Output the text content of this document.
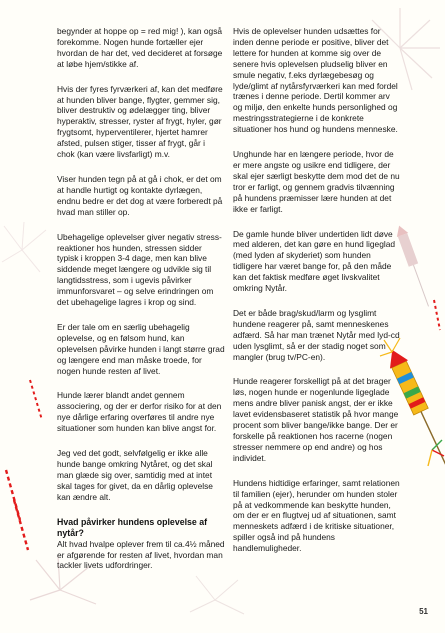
begynder at hoppe op = red mig! ), kan også forekomme. Nogen hunde fortæller ejer hvordan de har det, ved decideret at forsøge at løbe hjem/stikke af.

Hvis der fyres fyrværkeri af, kan det medføre at hunden bliver bange, flygter, gemmer sig, bliver destruktiv og ødelægger ting, bliver hyperaktiv, stresser, ryster af frygt, hyler, gør frygtsomt, hyperventilerer, hjertet hamrer afsted, pulsen stiger, tisser af frygt, går i chok (kan være livsfarligt) m.v.

Viser hunden tegn på at gå i chok, er det om at handle hurtigt og kontakte dyrlægen, endnu bedre er det dog at være forberedt på hvad man stiller op.

Ubehagelige oplevelser giver negativ stress-reaktioner hos hunden, stressen sidder typisk i kroppen 3-4 dage, men kan blive siddende meget længere og udvikle sig til langtidsstress, som i ugevis påvirker immunforsvaret – og selve erindringen om det ubehagelige lagres i krop og sind.

Er der tale om en særlig ubehagelig oplevelse, og en følsom hund, kan oplevelsen påvirke hunden i langt større grad og længere end man måske troede, for nogen hunde resten af livet.

Hunde lærer blandt andet gennem associering, og der er derfor risiko for at den nye dårlige erfaring overføres til andre nye situationer som hunden kan blive angst for.

Jeg ved det godt, selvfølgelig er ikke alle hunde bange omkring Nytåret, og det skal man glæde sig over, samtidig med at intet skal tages for givet, da en dårlig oplevelse kan ændre alt.

Hvad påvirker hundens oplevelse af nytår?

Alt hvad hvalpe oplever frem til ca.4½ måned er afgørende for resten af livet, hvordan man tackler livets udfordringer.

Hvis de oplevelser hunden udsættes for inden denne periode er positive, bliver det lettere for hunden at komme sig over de senere hvis oplevelsen pludselig bliver en smule negativ, f.eks dyrlægebesøg og lyde/glimt af nytårsfyrværkeri kan med fordel trænes i denne periode. Dertil kommer arv og miljø, den enkelte hunds personlighed og mestringsstrategierne i de konkrete situationer hos hund og hundens menneske.

Unghunde har en længere periode, hvor de er mere angste og usikre end tidligere, der skal ejer særligt beskytte dem mod det de nu tror er farligt, og gennem gradvis tilvænning på hundens præmisser lære hunden at det ikke er farligt.

De gamle hunde bliver undertiden lidt døve med alderen, det kan gøre en hund ligeglad (med lyden af skyderiet) som hunden tidligere har været bange for, på den måde kan det faktisk medføre øget livskvalitet omkring Nytår.

Det er både brag/skud/larm og lysglimt hundene reagerer på, samt menneskenes adfærd. Så har man trænet Nytår med lyd-cd uden lysglimt, så er der stadig noget som mangler (brug tv/PC-en).

Hunde reagerer forskelligt på at det brager løs, nogen hunde er nogenlunde ligeglade mens andre bliver panisk angst, der er ikke lavet evidensbaseret statistik på hvor mange procent som bliver bange/ikke bange. Der er forskelle på reaktionen hos racerne (nogen stresser nemmere op end andre) og hos individet.

Hundens hidtidige erfaringer, samt relationen til familien (ejer), herunder om hunden stoler på at vedkommende kan beskytte hunden, om der er en flugtvej ud af situationen, samt menneskets adfærd i de kritiske situationer, spiller også ind på hundens handlemuligheder.

51
